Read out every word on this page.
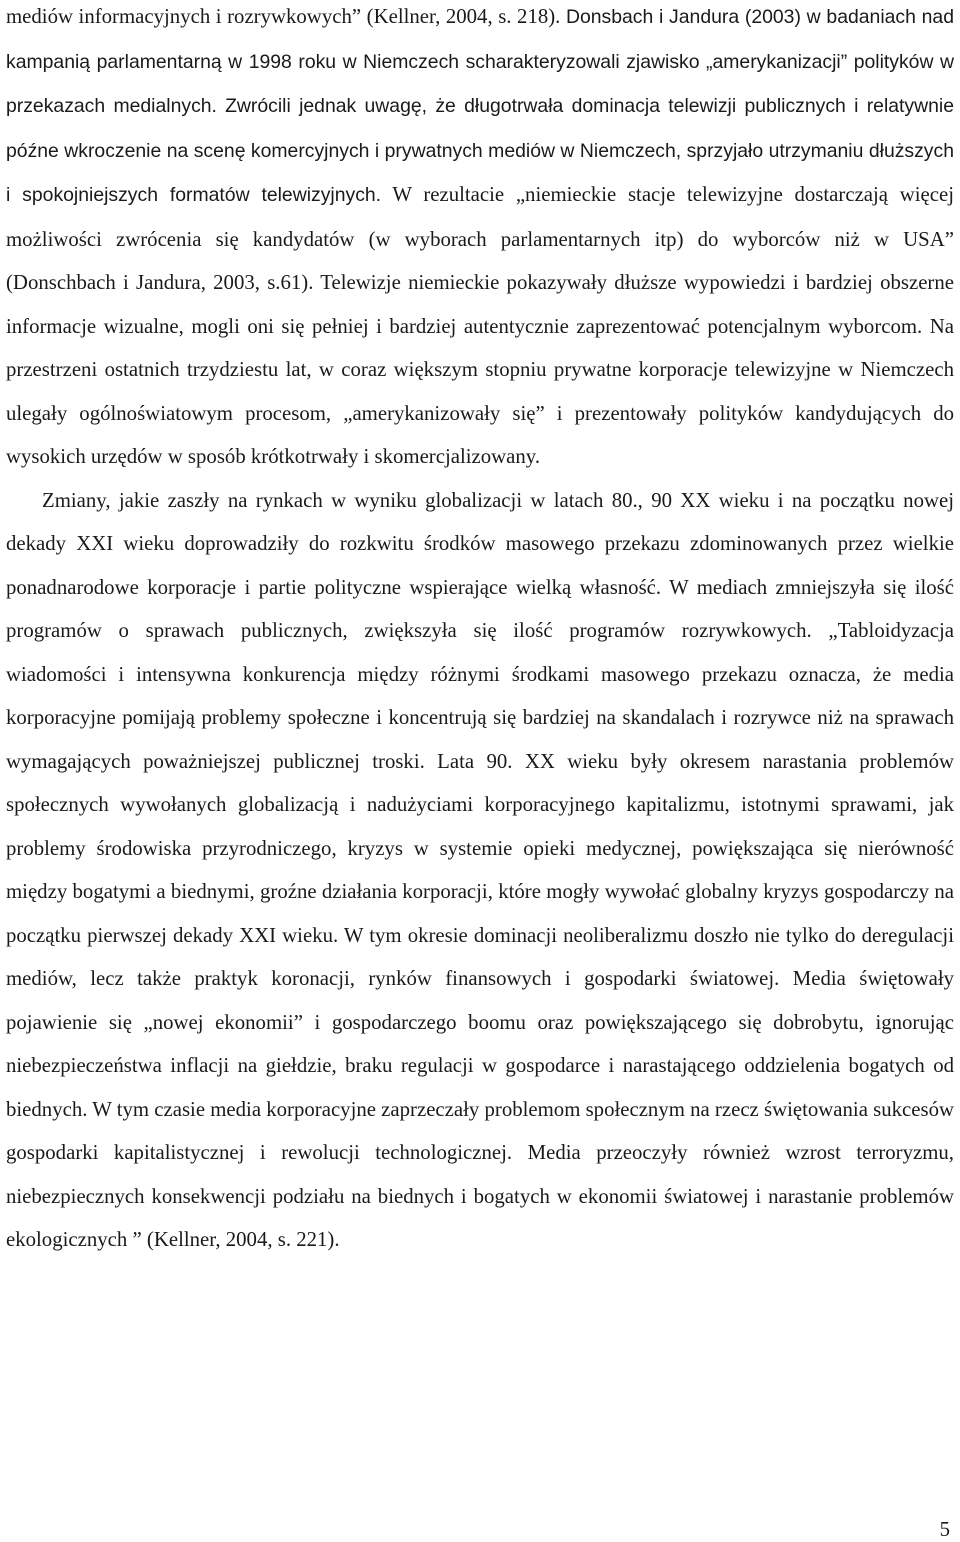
mediów informacyjnych i rozrywkowych” (Kellner, 2004, s. 218). Donsbach i Jandura (2003) w badaniach nad kampanią parlamentarną w 1998 roku w Niemczech scharakteryzowali zjawisko „amerykanizacji” polityków w przekazach medialnych. Zwrócili jednak uwagę, że długotrwała dominacja telewizji publicznych i relatywnie późne wkroczenie na scenę komercyjnych i prywatnych mediów w Niemczech, sprzyjało utrzymaniu dłuższych i spokojniejszych formatów telewizyjnych. W rezultacie „niemieckie stacje telewizyjne dostarczają więcej możliwości zwrócenia się kandydatów (w wyborach parlamentarnych itp) do wyborców niż w USA” (Donschbach i Jandura, 2003, s.61). Telewizje niemieckie pokazywały dłuższe wypowiedzi i bardziej obszerne informacje wizualne, mogli oni się pełniej i bardziej autentycznie zaprezentować potencjalnym wyborcom. Na przestrzeni ostatnich trzydziestu lat, w coraz większym stopniu prywatne korporacje telewizyjne w Niemczech ulegały ogólnoświatowym procesom, „amerykanizowały się” i prezentowały polityków kandydujących do wysokich urzędów w sposób krótkotrwały i skomercjalizowany.

Zmiany, jakie zaszły na rynkach w wyniku globalizacji w latach 80., 90 XX wieku i na początku nowej dekady XXI wieku doprowadziły do rozkwitu środków masowego przekazu zdominowanych przez wielkie ponadnarodowe korporacje i partie polityczne wspierające wielką własność. W mediach zmniejszyła się ilość programów o sprawach publicznych, zwiększyła się ilość programów rozrywkowych. „Tabloidyzacja wiadomości i intensywna konkurencja między różnymi środkami masowego przekazu oznacza, że media korporacyjne pomijają problemy społeczne i koncentrują się bardziej na skandalach i rozrywce niż na sprawach wymagających poważniejszej publicznej troski. Lata 90. XX wieku były okresem narastania problemów społecznych wywołanych globalizacją i nadużyciami korporacyjnego kapitalizmu, istotnymi sprawami, jak problemy środowiska przyrodniczego, kryzys w systemie opieki medycznej, powiększająca się nierówność między bogatymi a biednymi, groźne działania korporacji, które mogły wywołać globalny kryzys gospodarczy na początku pierwszej dekady XXI wieku. W tym okresie dominacji neoliberalizmu doszło nie tylko do deregulacji mediów, lecz także praktyk koronacji, rynków finansowych i gospodarki światowej. Media świętowały pojawienie się „nowej ekonomii” i gospodarczego boomu oraz powiększającego się dobrobytu, ignorując niebezpieczeństwa inflacji na giełdzie, braku regulacji w gospodarce i narastającego oddzielenia bogatych od biednych. W tym czasie media korporacyjne zaprzeczały problemom społecznym na rzecz świętowania sukcesów gospodarki kapitalistycznej i rewolucji technologicznej. Media przeoczyły również wzrost terroryzmu, niebezpiecznych konsekwencji podziału na biednych i bogatych w ekonomii światowej i narastanie problemów ekologicznych ” (Kellner, 2004, s. 221).

5
